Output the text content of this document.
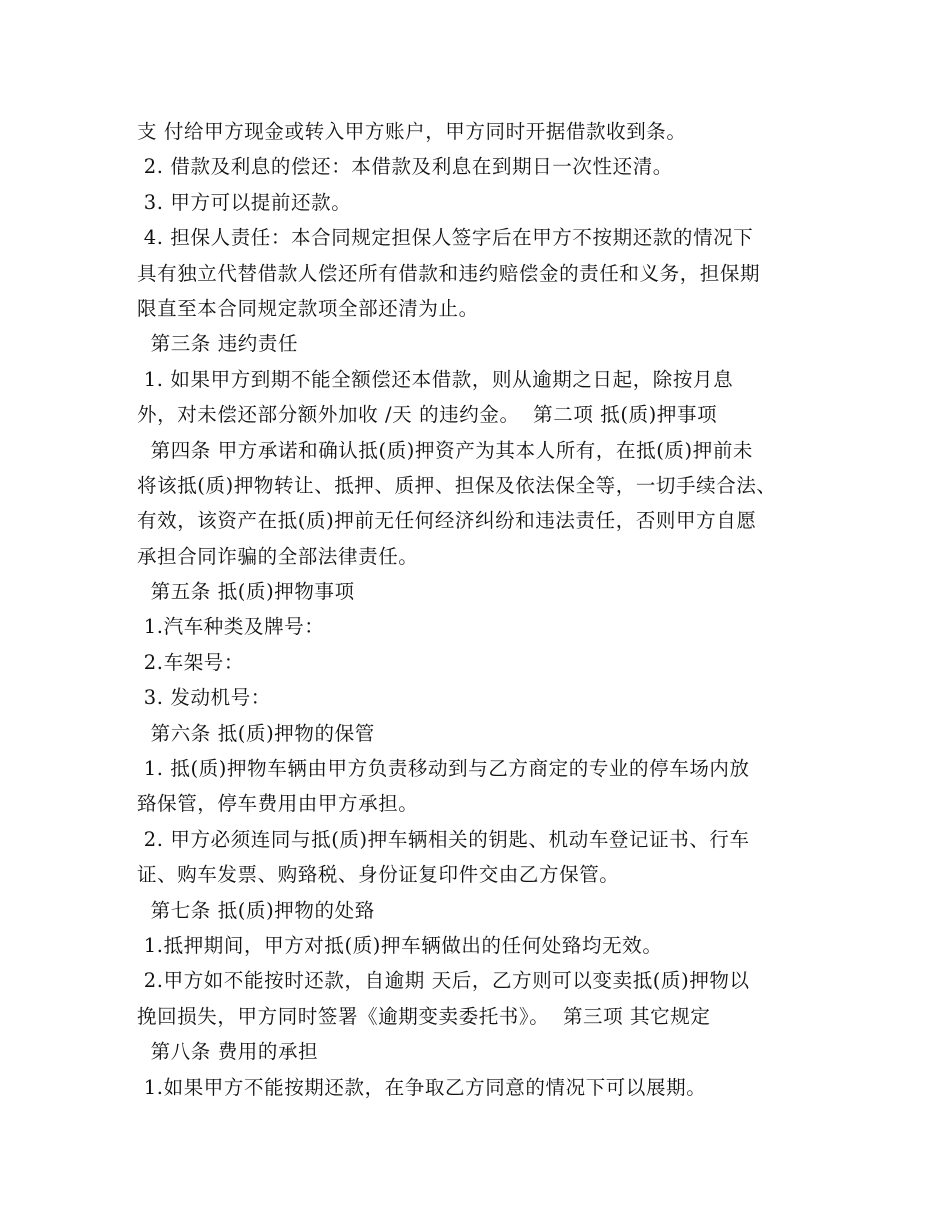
支 付给甲方现金或转入甲方账户，甲方同时开据借款收到条。
2. 借款及利息的偿还：本借款及利息在到期日一次性还清。
3. 甲方可以提前还款。
4. 担保人责任：本合同规定担保人签字后在甲方不按期还款的情况下
具有独立代替借款人偿还所有借款和违约赔偿金的责任和义务，担保期
限直至本合同规定款项全部还清为止。
第三条 违约责任
1. 如果甲方到期不能全额偿还本借款，则从逾期之日起，除按月息
外，对未偿还部分额外加收 /天 的违约金。  第二项 抵(质)押事项
第四条 甲方承诺和确认抵(质)押资产为其本人所有，在抵(质)押前未
将该抵(质)押物转让、抵押、质押、担保及依法保全等，一切手续合法、
有效，该资产在抵(质)押前无任何经济纠纷和违法责任，否则甲方自愿
承担合同诈骗的全部法律责任。
第五条 抵(质)押物事项
1.汽车种类及牌号：
2.车架号：
3. 发动机号：
第六条 抵(质)押物的保管
1. 抵(质)押物车辆由甲方负责移动到与乙方商定的专业的停车场内放
臵保管，停车费用由甲方承担。
2. 甲方必须连同与抵(质)押车辆相关的钥匙、机动车登记证书、行车
证、购车发票、购臵税、身份证复印件交由乙方保管。
第七条 抵(质)押物的处臵
1.抵押期间，甲方对抵(质)押车辆做出的任何处臵均无效。
2.甲方如不能按时还款，自逾期 天后，乙方则可以变卖抵(质)押物以
挽回损失，甲方同时签署《逾期变卖委托书》。  第三项 其它规定
第八条 费用的承担
1.如果甲方不能按期还款，在争取乙方同意的情况下可以展期。
